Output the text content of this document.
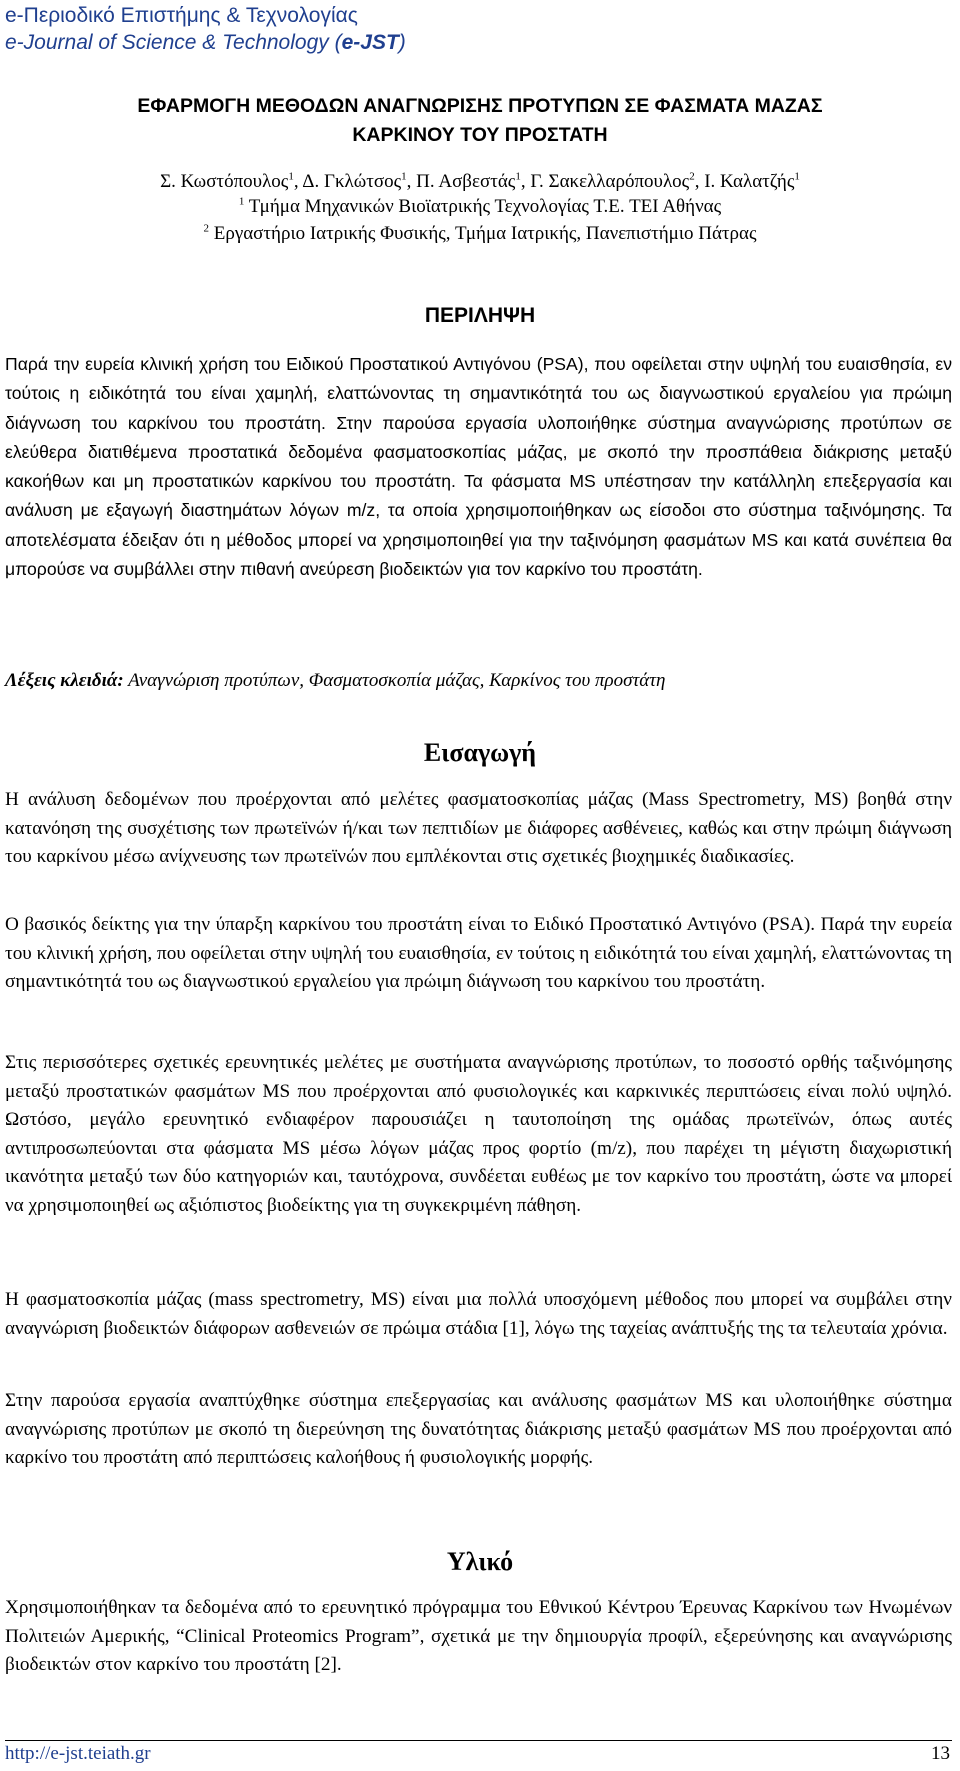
e-Περιοδικό Επιστήμης & Τεχνολογίας
e-Journal of Science & Technology (e-JST)
ΕΦΑΡΜΟΓΗ ΜΕΘΟΔΩΝ ΑΝΑΓΝΩΡΙΣΗΣ ΠΡΟΤΥΠΩΝ ΣΕ ΦΑΣΜΑΤΑ ΜΑΖΑΣ
ΚΑΡΚΙΝΟΥ ΤΟΥ ΠΡΟΣΤΑΤΗ
Σ. Κωστόπουλος$^1$, Δ. Γκλώτσος$^1$, Π. Ασβεστάς$^1$, Γ. Σακελλαρόπουλος$^2$, Ι. Καλατζής$^1$
$^1$ Τμήμα Μηχανικών Βιοϊατρικής Τεχνολογίας Τ.Ε. ΤΕΙ Αθήνας
$^2$ Εργαστήριο Ιατρικής Φυσικής, Τμήμα Ιατρικής, Πανεπιστήμιο Πάτρας
ΠΕΡΙΛΗΨΗ

Παρά την ευρεία κλινική χρήση του Ειδικού Προστατικού Αντιγόνου (PSA), που οφείλεται στην υψηλή του ευαισθησία, εν τούτοις η ειδικότητά του είναι χαμηλή, ελαττώνοντας τη σημαντικότητά του ως διαγνωστικού εργαλείου για πρώιμη διάγνωση του καρκίνου του προστάτη. Στην παρούσα εργασία υλοποιήθηκε σύστημα αναγνώρισης προτύπων σε ελεύθερα διατιθέμενα προστατικά δεδομένα φασματοσκοπίας μάζας, με σκοπό την προσπάθεια διάκρισης μεταξύ κακοήθων και μη προστατικών καρκίνου του προστάτη. Τα φάσματα MS υπέστησαν την κατάλληλη επεξεργασία και ανάλυση με εξαγωγή διαστημάτων λόγων m/z, τα οποία χρησιμοποιήθηκαν ως είσοδοι στο σύστημα ταξινόμησης. Τα αποτελέσματα έδειξαν ότι η μέθοδος μπορεί να χρησιμοποιηθεί για την ταξινόμηση φασμάτων MS και κατά συνέπεια θα μπορούσε να συμβάλλει στην πιθανή ανεύρεση βιοδεικτών για τον καρκίνο του προστάτη.

Λέξεις κλειδιά: Αναγνώριση προτύπων, Φασματοσκοπία μάζας, Καρκίνος του προστάτη
Εισαγωγή

Η ανάλυση δεδομένων που προέρχονται από μελέτες φασματοσκοπίας μάζας (Mass Spectrometry, MS) βοηθά στην κατανόηση της συσχέτισης των πρωτεϊνών ή/και των πεπτιδίων με διάφορες ασθένειες, καθώς και στην πρώιμη διάγνωση του καρκίνου μέσω ανίχνευσης των πρωτεϊνών που εμπλέκονται στις σχετικές βιοχημικές διαδικασίες.

Ο βασικός δείκτης για την ύπαρξη καρκίνου του προστάτη είναι το Ειδικό Προστατικό Αντιγόνο (PSA). Παρά την ευρεία του κλινική χρήση, που οφείλεται στην υψηλή του ευαισθησία, εν τούτοις η ειδικότητά του είναι χαμηλή, ελαττώνοντας τη σημαντικότητά του ως διαγνωστικού εργαλείου για πρώιμη διάγνωση του καρκίνου του προστάτη.

Στις περισσότερες σχετικές ερευνητικές μελέτες με συστήματα αναγνώρισης προτύπων, το ποσοστό ορθής ταξινόμησης μεταξύ προστατικών φασμάτων MS που προέρχονται από φυσιολογικές και καρκινικές περιπτώσεις είναι πολύ υψηλό. Ωστόσο, μεγάλο ερευνητικό ενδιαφέρον παρουσιάζει η ταυτοποίηση της ομάδας πρωτεϊνών, όπως αυτές αντιπροσωπεύονται στα φάσματα MS μέσω λόγων μάζας προς φορτίο (m/z), που παρέχει τη μέγιστη διαχωριστική ικανότητα μεταξύ των δύο κατηγοριών και, ταυτόχρονα, συνδέεται ευθέως με τον καρκίνο του προστάτη, ώστε να μπορεί να χρησιμοποιηθεί ως αξιόπιστος βιοδείκτης για τη συγκεκριμένη πάθηση.

Η φασματοσκοπία μάζας (mass spectrometry, MS) είναι μια πολλά υποσχόμενη μέθοδος που μπορεί να συμβάλει στην αναγνώριση βιοδεικτών διάφορων ασθενειών σε πρώιμα στάδια [1], λόγω της ταχείας ανάπτυξής της τα τελευταία χρόνια.

Στην παρούσα εργασία αναπτύχθηκε σύστημα επεξεργασίας και ανάλυσης φασμάτων MS και υλοποιήθηκε σύστημα αναγνώρισης προτύπων με σκοπό τη διερεύνηση της δυνατότητας διάκρισης μεταξύ φασμάτων MS που προέρχονται από καρκίνο του προστάτη από περιπτώσεις καλοήθους ή φυσιολογικής μορφής.

Υλικό

Χρησιμοποιήθηκαν τα δεδομένα από το ερευνητικό πρόγραμμα του Εθνικού Κέντρου Έρευνας Καρκίνου των Ηνωμένων Πολιτειών Αμερικής, “Clinical Proteomics Program”, σχετικά με την δημιουργία προφίλ, εξερεύνησης και αναγνώρισης βιοδεικτών στον καρκίνο του προστάτη [2].

http://e-jst.teiath.gr	13
